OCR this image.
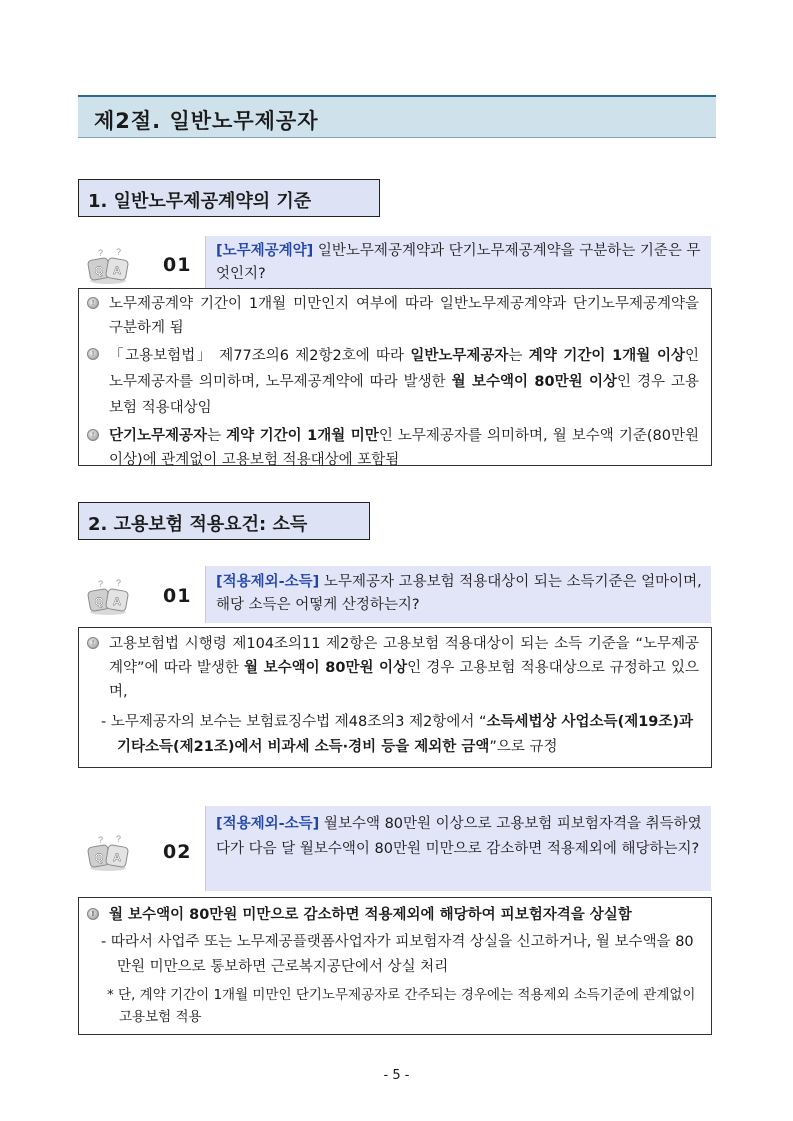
제2절. 일반노무제공자
1. 일반노무제공계약의 기준
Q A
? ?
01
[노무제공계약] 일반노무제공계약과 단기노무제공계약을 구분하는 기준은 무엇인지?
!	노무제공계약 기간이 1개월 미만인지 여부에 따라 일반노무제공계약과 단기노무제공계약을 구분하게 됨
!	「고용보험법」 제77조의6 제2항2호에 따라 일반노무제공자는 계약 기간이 1개월 이상인 노무제공자를 의미하며, 노무제공계약에 따라 발생한 월 보수액이 80만원 이상인 경우 고용보험 적용대상임
!	단기노무제공자는 계약 기간이 1개월 미만인 노무제공자를 의미하며, 월 보수액 기준(80만원 이상)에 관계없이 고용보험 적용대상에 포함됨
2. 고용보험 적용요건: 소득
Q A
? ?
01
[적용제외-소득] 노무제공자 고용보험 적용대상이 되는 소득기준은 얼마이며, 해당 소득은 어떻게 산정하는지?
!	고용보험법 시행령 제104조의11 제2항은 고용보험 적용대상이 되는 소득 기준을 “노무제공계약”에 따라 발생한 월 보수액이 80만원 이상인 경우 고용보험 적용대상으로 규정하고 있으며,
- 노무제공자의 보수는 보험료징수법 제48조의3 제2항에서 “소득세법상 사업소득(제19조)과 기타소득(제21조)에서 비과세 소득·경비 등을 제외한 금액”으로 규정
Q A
? ?
02
[적용제외-소득] 월보수액 80만원 이상으로 고용보험 피보험자격을 취득하였다가 다음 달 월보수액이 80만원 미만으로 감소하면 적용제외에 해당하는지?
! 월 보수액이 80만원 미만으로 감소하면 적용제외에 해당하여 피보험자격을 상실함
- 따라서 사업주 또는 노무제공플랫폼사업자가 피보험자격 상실을 신고하거나, 월 보수액을 80만원 미만으로 통보하면 근로복지공단에서 상실 처리
* 단, 계약 기간이 1개월 미만인 단기노무제공자로 간주되는 경우에는 적용제외 소득기준에 관계없이 고용보험 적용
- 5 -
